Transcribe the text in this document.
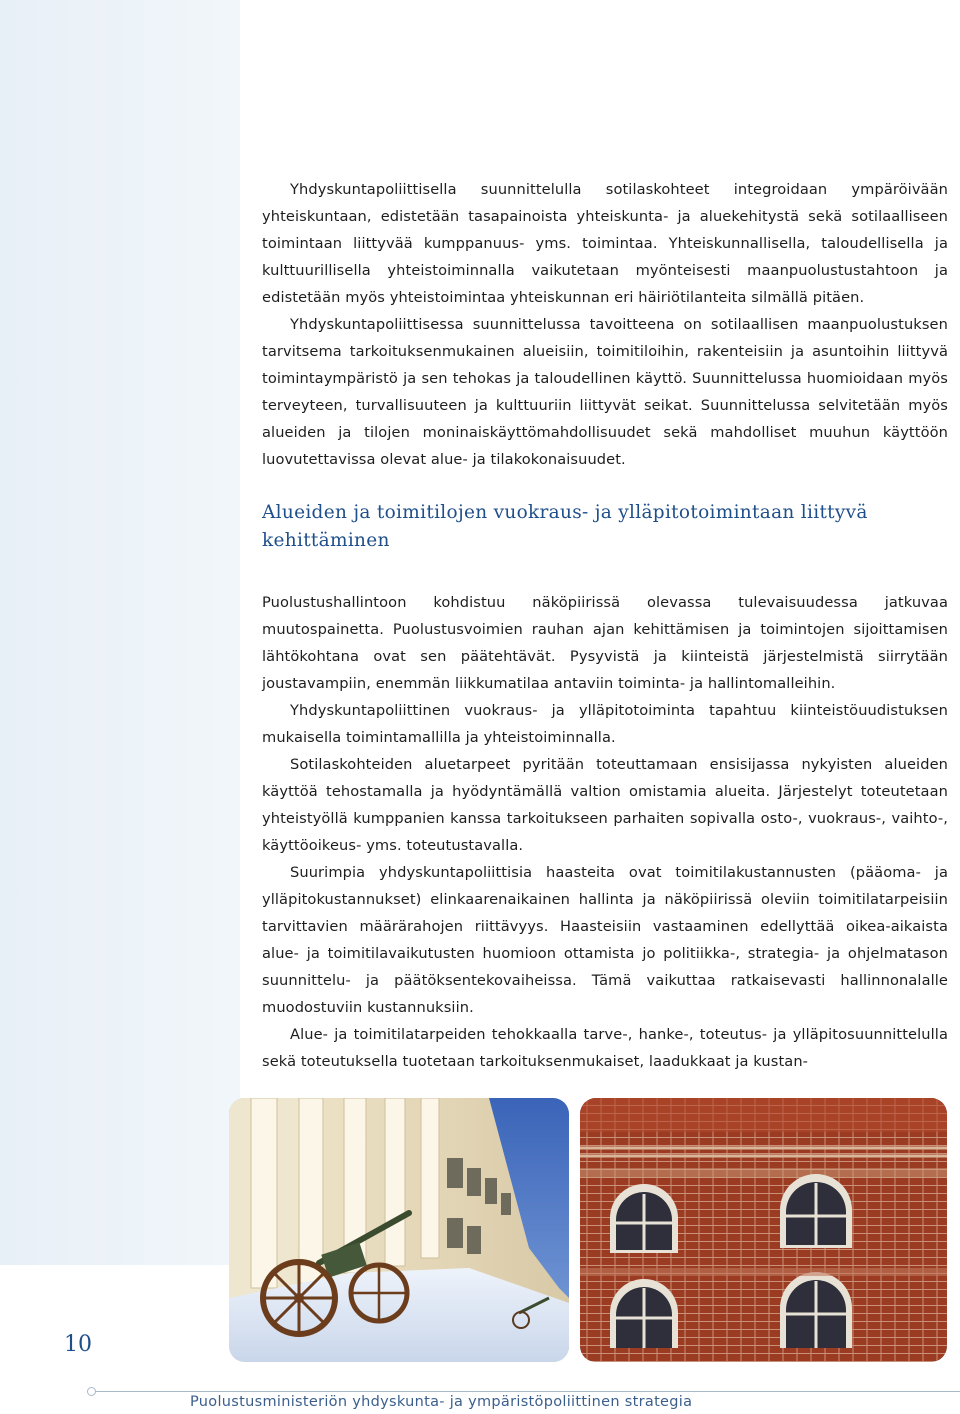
Yhdyskuntapoliittisella suunnittelulla sotilaskohteet integroidaan ympäröivään yhteiskuntaan, edistetään tasapainoista yhteiskunta- ja aluekehitystä sekä sotilaalliseen toimintaan liittyvää kumppanuus- yms. toimintaa. Yhteiskunnallisella, taloudellisella ja kulttuurillisella yhteistoiminnalla vaikutetaan myönteisesti maanpuolustustahtoon ja edistetään myös yhteistoimintaa yhteiskunnan eri häiriötilanteita silmällä pitäen.

Yhdyskuntapoliittisessa suunnittelussa tavoitteena on sotilaallisen maanpuolustuksen tarvitsema tarkoituksenmukainen alueisiin, toimitiloihin, rakenteisiin ja asuntoihin liittyvä toimintaympäristö ja sen tehokas ja taloudellinen käyttö. Suunnittelussa huomioidaan myös terveyteen, turvallisuuteen ja kulttuuriin liittyvät seikat. Suunnittelussa selvitetään myös alueiden ja tilojen moninaiskäyttömahdollisuudet sekä mahdolliset muuhun käyttöön luovutettavissa olevat alue- ja tilakokonaisuudet.

Alueiden ja toimitilojen vuokraus- ja ylläpitotoimintaan liittyvä kehittäminen

Puolustushallintoon kohdistuu näköpiirissä olevassa tulevaisuudessa jatkuvaa muutospainetta. Puolustusvoimien rauhan ajan kehittämisen ja toimintojen sijoittamisen lähtökohtana ovat sen päätehtävät. Pysyvistä ja kiinteistä järjestelmistä siirrytään joustavampiin, enemmän liikkumatilaa antaviin toiminta- ja hallintomalleihin.

Yhdyskuntapoliittinen vuokraus- ja ylläpitotoiminta tapahtuu kiinteistöuudistuksen mukaisella toimintamallilla ja yhteistoiminnalla.

Sotilaskohteiden aluetarpeet pyritään toteuttamaan ensisijassa nykyisten alueiden käyttöä tehostamalla ja hyödyntämällä valtion omistamia alueita. Järjestelyt toteutetaan yhteistyöllä kumppanien kanssa tarkoitukseen parhaiten sopivalla osto-, vuokraus-, vaihto-, käyttöoikeus- yms. toteutustavalla.

Suurimpia yhdyskuntapoliittisia haasteita ovat toimitilakustannusten (pääoma- ja ylläpitokustannukset) elinkaarenaikainen hallinta ja näköpiirissä oleviin toimitilatarpeisiin tarvittavien määrärahojen riittävyys. Haasteisiin vastaaminen edellyttää oikea-aikaista alue- ja toimitilavaikutusten huomioon ottamista jo politiikka-, strategia- ja ohjelmatason suunnittelu- ja päätöksentekovaiheissa. Tämä vaikuttaa ratkaisevasti hallinnonalalle muodostuviin kustannuksiin.

Alue- ja toimitilatarpeiden tehokkaalla tarve-, hanke-, toteutus- ja ylläpitosuunnittelulla sekä toteutuksella tuotetaan tarkoituksenmukaiset, laadukkaat ja kustan-

10
Puolustusministeriön yhdyskunta- ja ympäristöpoliittinen strategia
